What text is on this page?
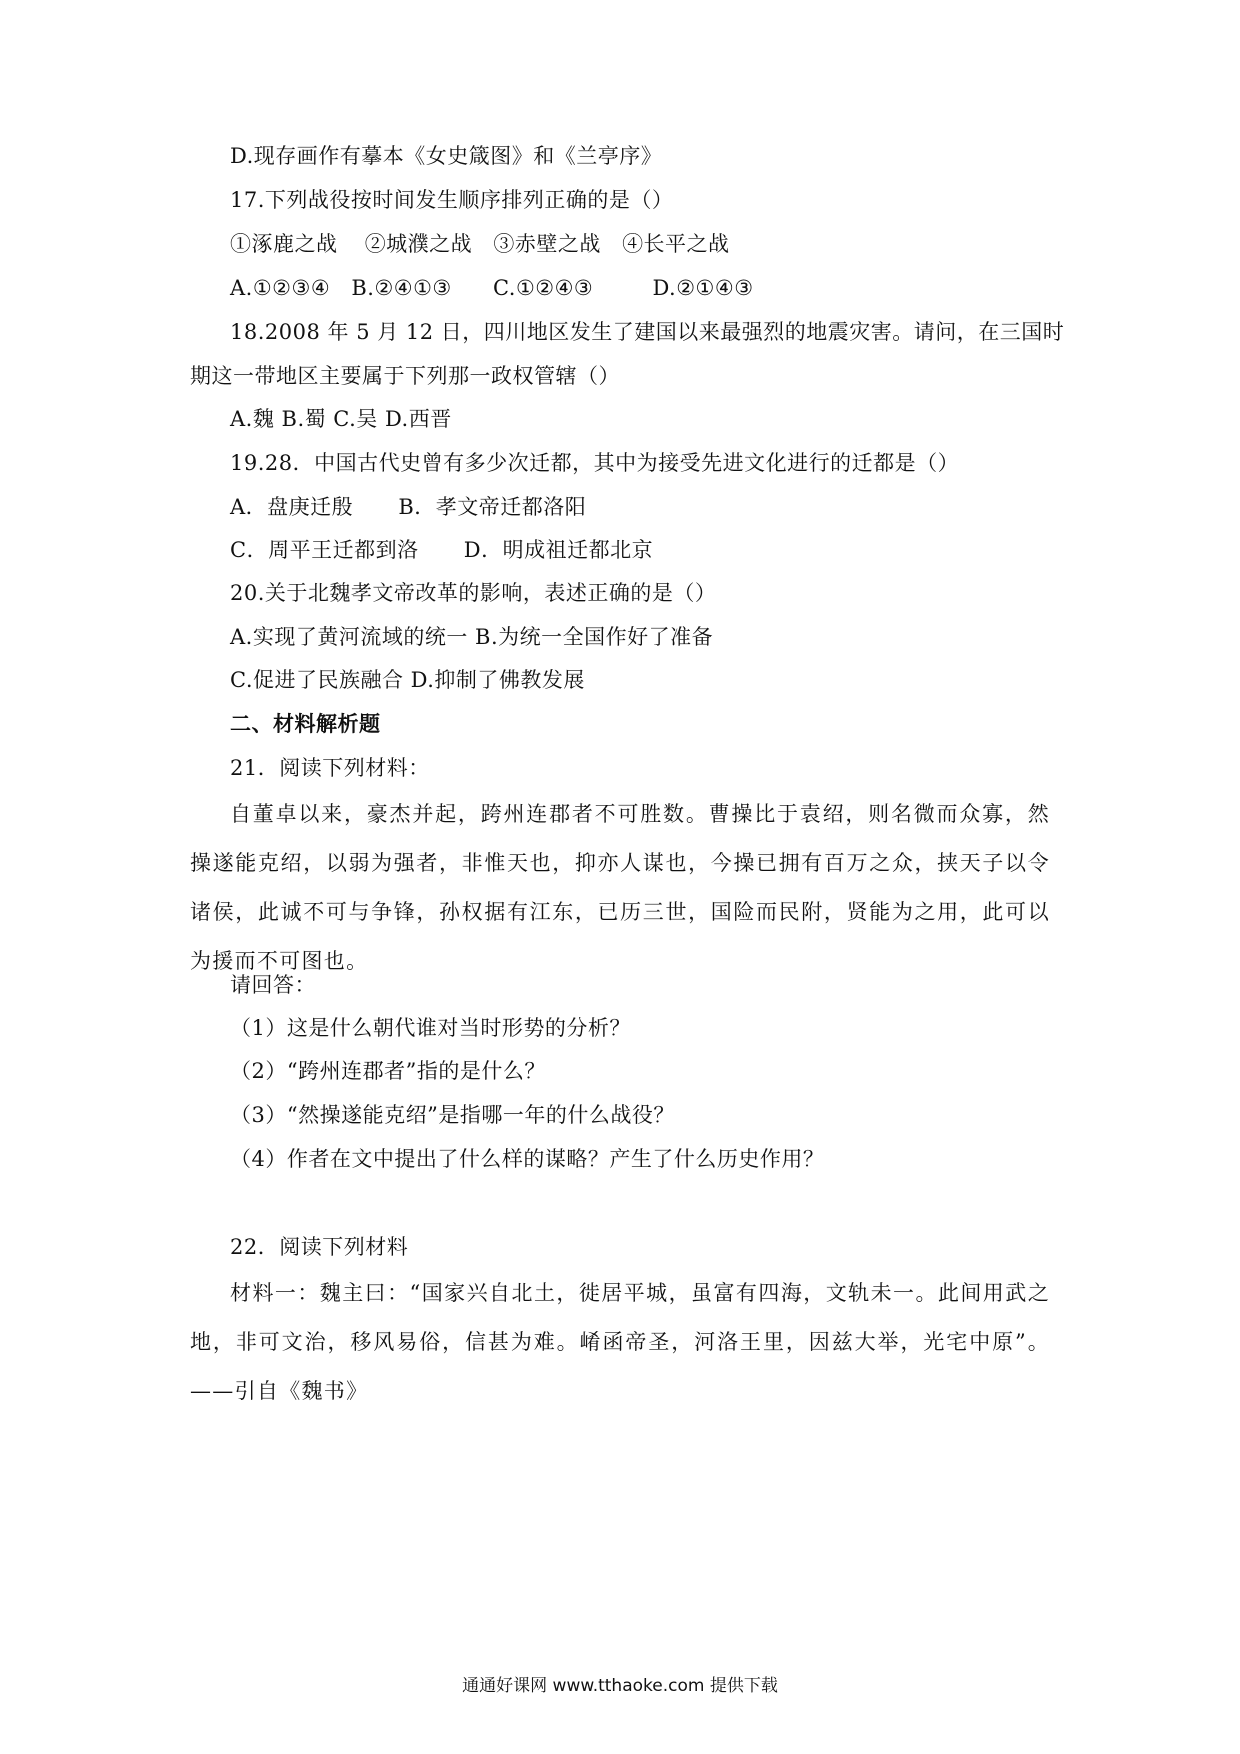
D.现存画作有摹本《女史箴图》和《兰亭序》
17.下列战役按时间发生顺序排列正确的是（）
①涿鹿之战 ②城濮之战 ③赤壁之战 ④长平之战
A.①②③④ B.②④①③ C.①②④③	D.②①④③
18.2008 年 5 月 12 日，四川地区发生了建国以来最强烈的地震灾害。请问，在三国时
期这一带地区主要属于下列那一政权管辖（）
A.魏 B.蜀 C.吴 D.西晋
19.28．中国古代史曾有多少次迁都，其中为接受先进文化进行的迁都是（）
A．盘庚迁殷 B．孝文帝迁都洛阳
C．周平王迁都到洛 D．明成祖迁都北京
20.关于北魏孝文帝改革的影响，表述正确的是（）
A.实现了黄河流域的统一 B.为统一全国作好了准备
C.促进了民族融合 D.抑制了佛教发展
二、材料解析题
21．阅读下列材料：
自董卓以来，豪杰并起，跨州连郡者不可胜数。曹操比于袁绍，则名微而众寡，然操遂能克绍，以弱为强者，非惟天也，抑亦人谋也，今操已拥有百万之众，挟天子以令诸侯，此诚不可与争锋，孙权据有江东，已历三世，国险而民附，贤能为之用，此可以为援而不可图也。
请回答：
（1）这是什么朝代谁对当时形势的分析？
（2）“跨州连郡者”指的是什么？
（3）“然操遂能克绍”是指哪一年的什么战役？
（4）作者在文中提出了什么样的谋略？产生了什么历史作用？
22．阅读下列材料
材料一：魏主曰：“国家兴自北土，徙居平城，虽富有四海，文轨未一。此间用武之地，非可文治，移风易俗，信甚为难。崤函帝圣，河洛王里，因兹大举，光宅中原”。——引自《魏书》
通通好课网 www.tthaoke.com 提供下载
